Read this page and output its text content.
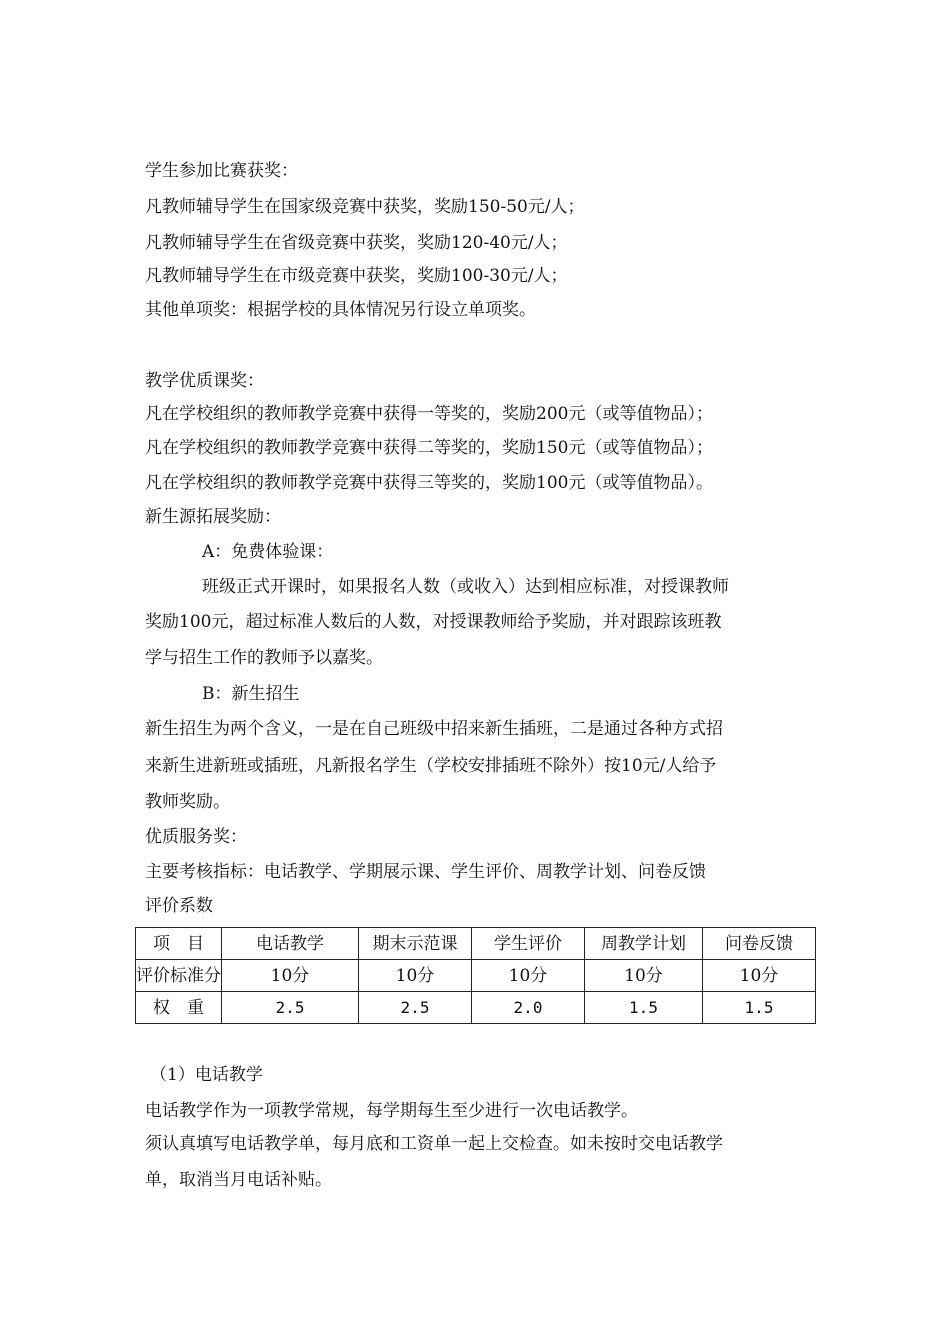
学生参加比赛获奖：
凡教师辅导学生在国家级竞赛中获奖，奖励150-50元/人；
凡教师辅导学生在省级竞赛中获奖，奖励120-40元/人；
凡教师辅导学生在市级竞赛中获奖，奖励100-30元/人；
其他单项奖：根据学校的具体情况另行设立单项奖。
教学优质课奖：
凡在学校组织的教师教学竞赛中获得一等奖的，奖励200元（或等值物品）；
凡在学校组织的教师教学竞赛中获得二等奖的，奖励150元（或等值物品）；
凡在学校组织的教师教学竞赛中获得三等奖的，奖励100元（或等值物品）。
新生源拓展奖励：
A：免费体验课：
班级正式开课时，如果报名人数（或收入）达到相应标准，对授课教师
奖励100元，超过标准人数后的人数，对授课教师给予奖励，并对跟踪该班教
学与招生工作的教师予以嘉奖。
B：新生招生
新生招生为两个含义，一是在自己班级中招来新生插班，二是通过各种方式招
来新生进新班或插班，凡新报名学生（学校安排插班不除外）按10元/人给予
教师奖励。
优质服务奖：
主要考核指标：电话教学、学期展示课、学生评价、周教学计划、问卷反馈
评价系数
项　目	电话教学	期末示范课	学生评价	周教学计划	问卷反馈
评价标准分	10分	10分	10分	10分	10分
权　重	2.5	2.5	2.0	1.5	1.5
（1）电话教学
电话教学作为一项教学常规，每学期每生至少进行一次电话教学。
须认真填写电话教学单，每月底和工资单一起上交检查。如未按时交电话教学
单，取消当月电话补贴。
